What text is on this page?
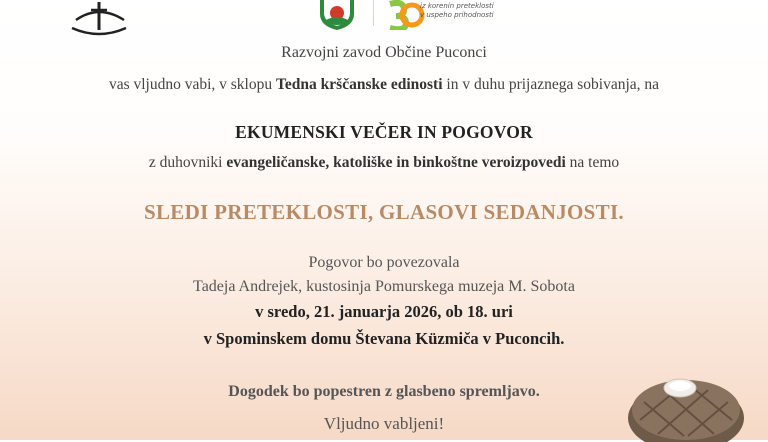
iz korenin preteklosti
v uspeho prihodnosti
Razvojni zavod Občine Puconci
vas vljudno vabi, v sklopu Tedna krščanske edinosti in v duhu prijaznega sobivanja, na
EKUMENSKI VEČER IN POGOVOR
z duhovniki evangeličanske, katoliške in binkoštne veroizpovedi na temo
SLEDI PRETEKLOSTI, GLASOVI SEDANJOSTI.
Pogovor bo povezovala
Tadeja Andrejek, kustosinja Pomurskega muzeja M. Sobota
v sredo, 21. januarja 2026, ob 18. uri
v Spominskem domu Števana Küzmiča v Puconcih.
Dogodek bo popestren z glasbeno spremljavo.
Vljudno vabljeni!
